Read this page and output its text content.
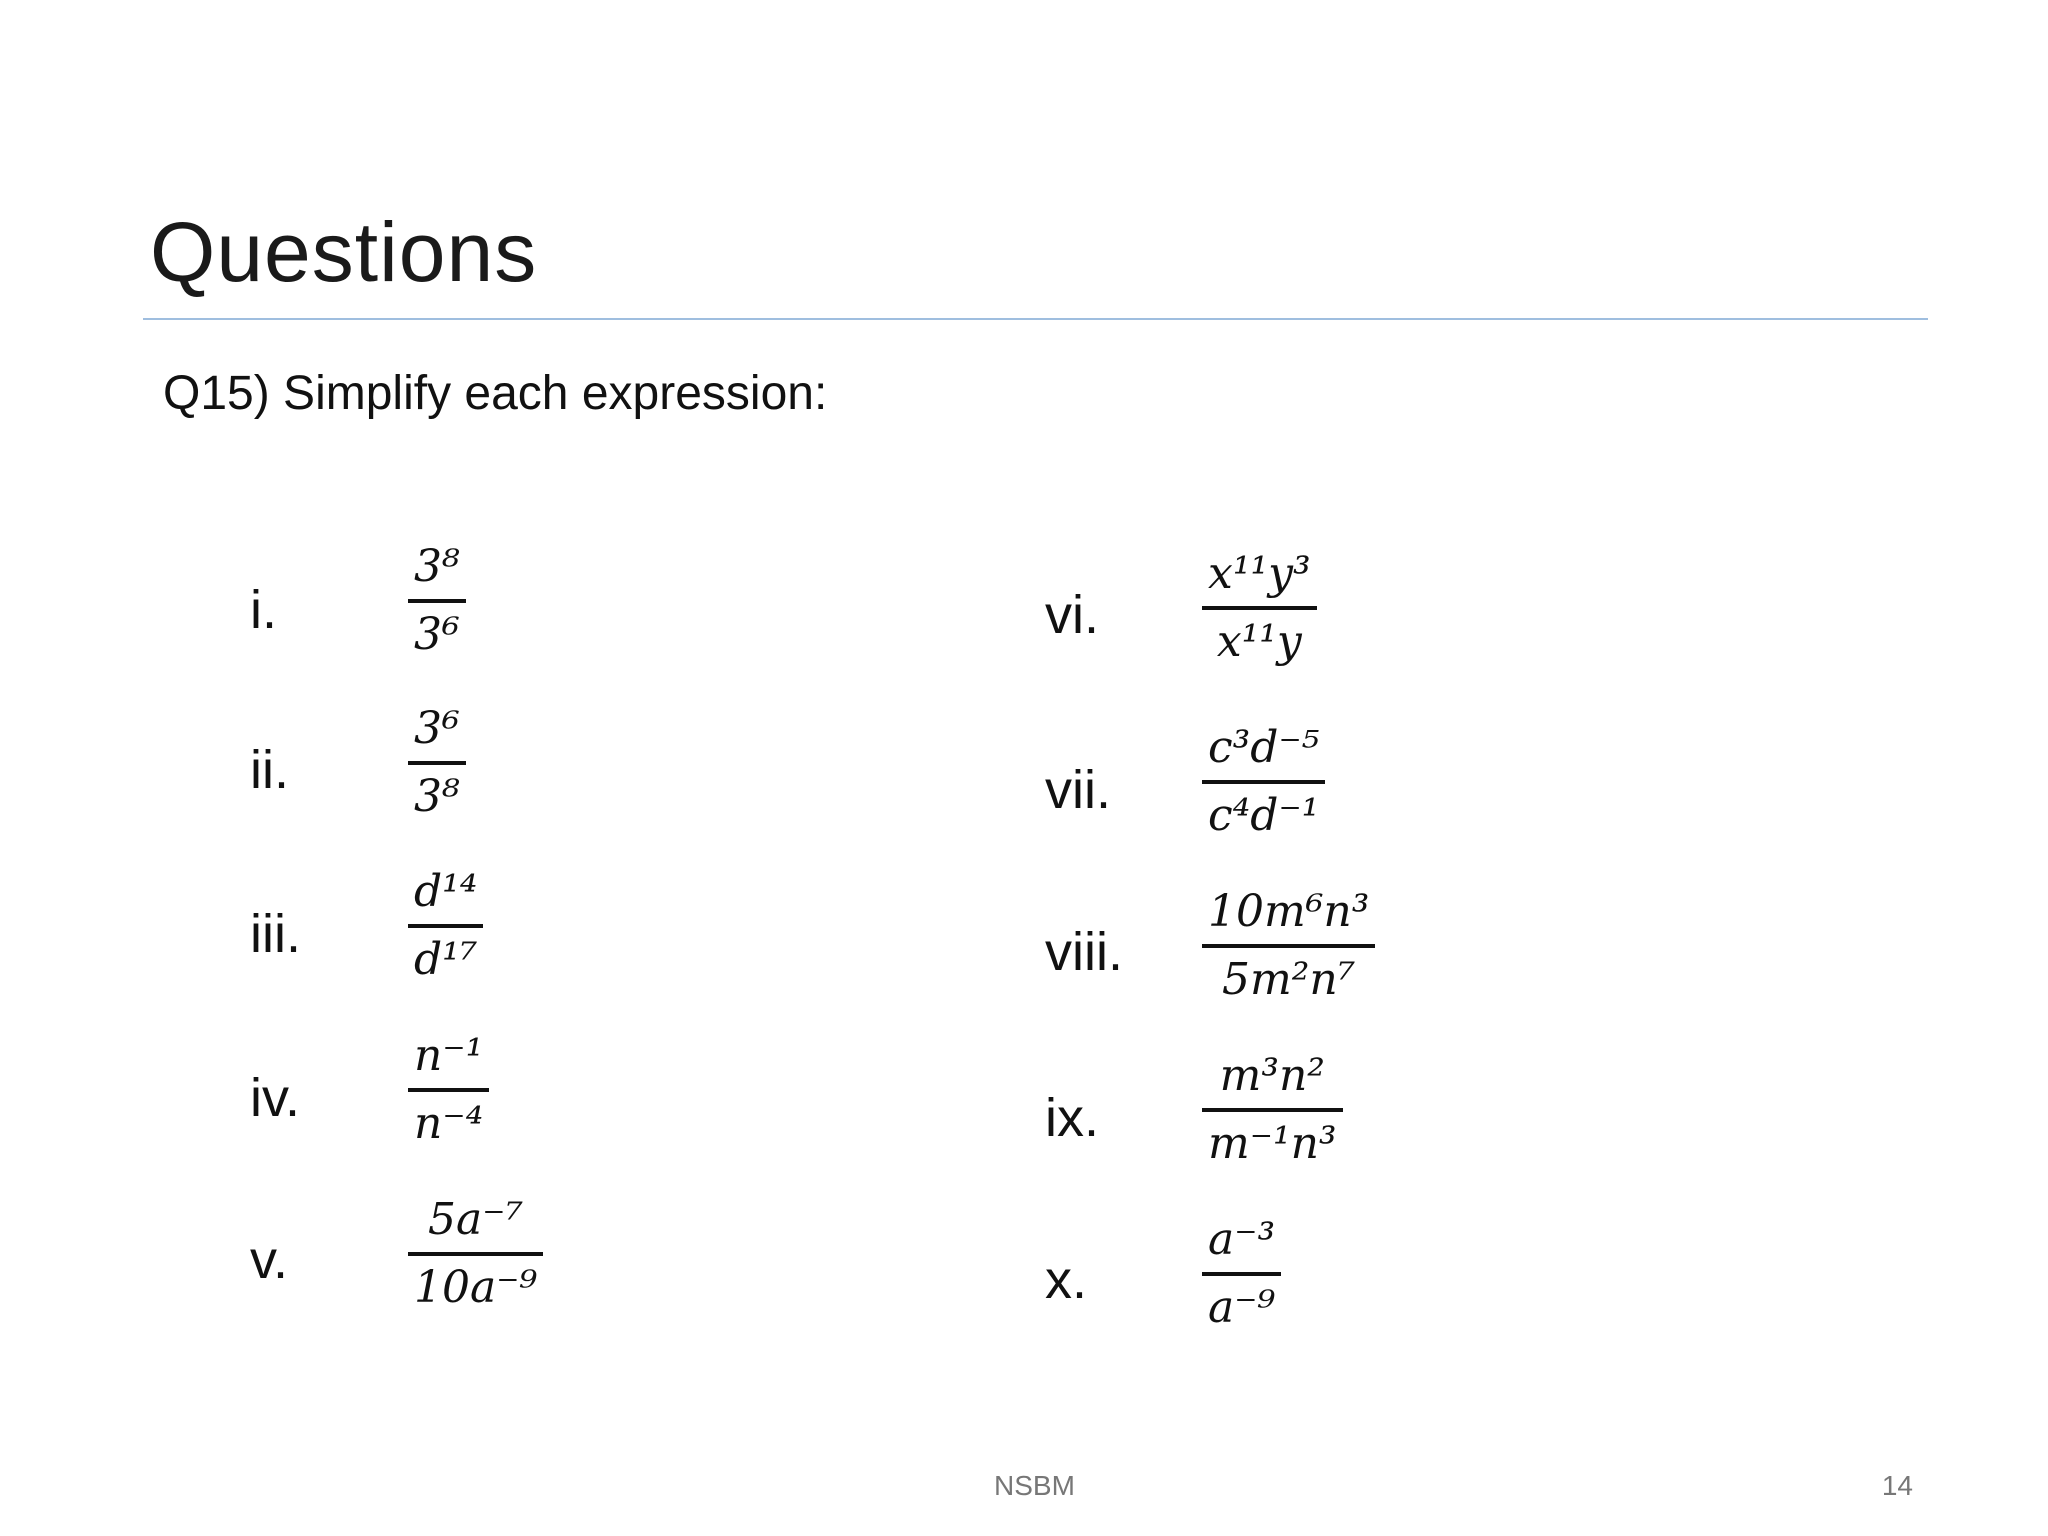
Questions
Q15) Simplify each expression:
i.
3⁸
3⁶
ii.
3⁶
3⁸
iii.
d¹⁴
d¹⁷
iv.
n⁻¹
n⁻⁴
v.
5a⁻⁷
10a⁻⁹
vi.
x¹¹y³
x¹¹y
vii.
c³d⁻⁵
c⁴d⁻¹
viii.
10m⁶n³
5m²n⁷
ix.
m³n²
m⁻¹n³
x.
a⁻³
a⁻⁹
NSBM	14
